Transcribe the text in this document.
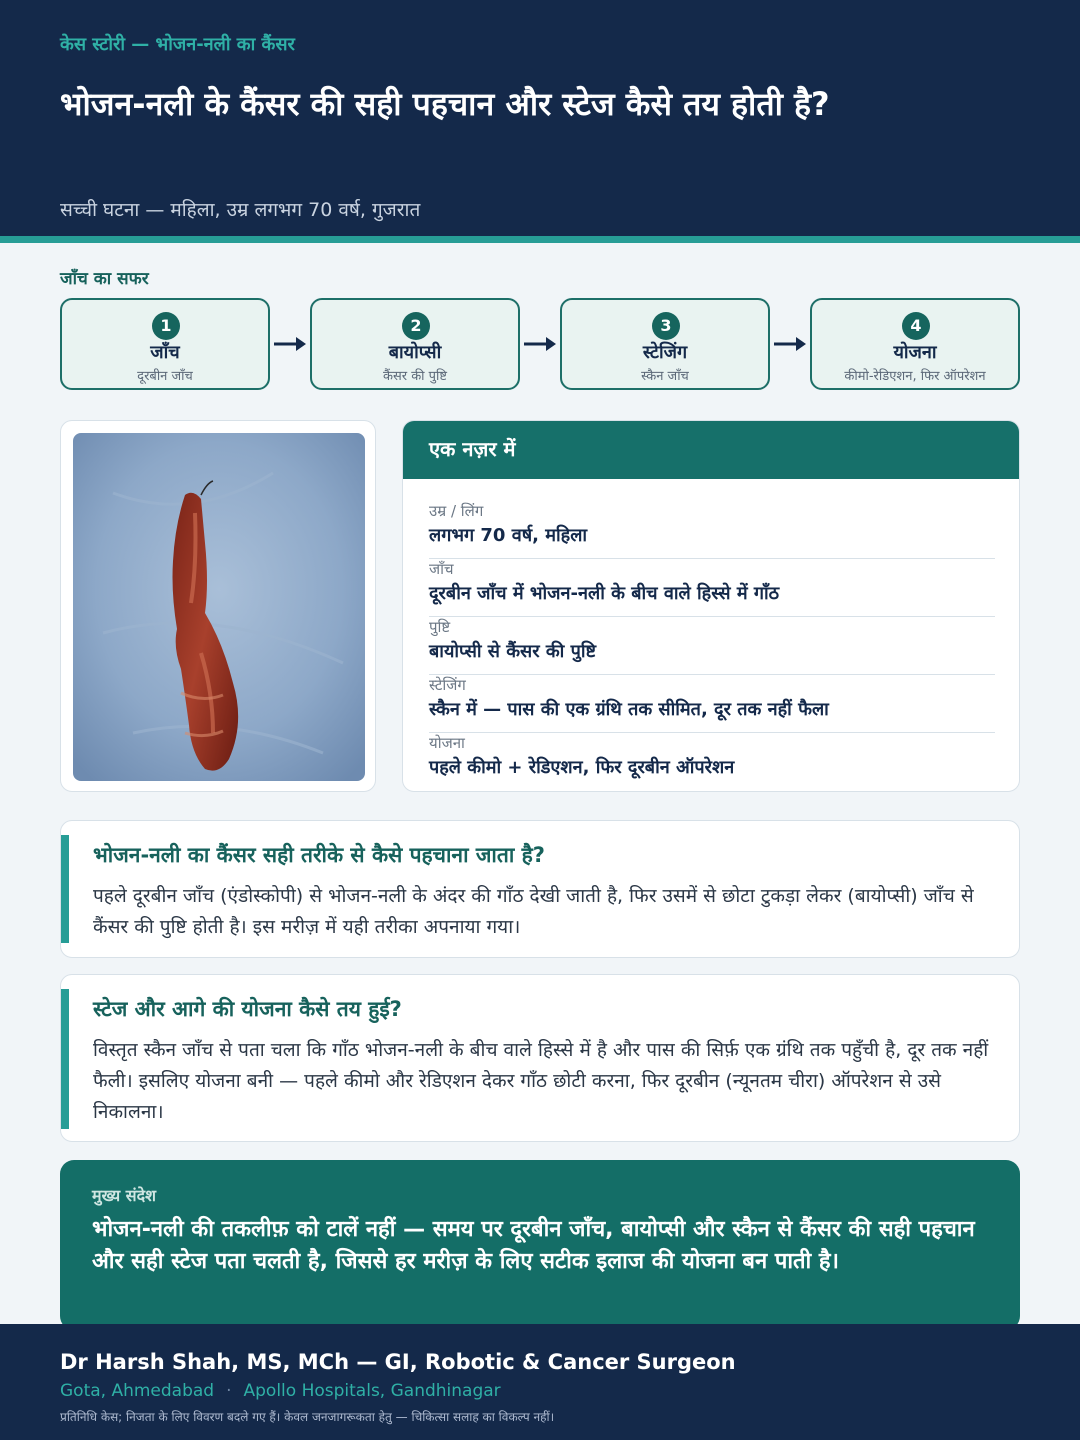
केस स्टोरी — भोजन-नली का कैंसर
भोजन-नली के कैंसर की सही पहचान और स्टेज कैसे तय होती है?
सच्ची घटना — महिला, उम्र लगभग 70 वर्ष, गुजरात
जाँच का सफर
1
जाँच
दूरबीन जाँच
2
बायोप्सी
कैंसर की पुष्टि
3
स्टेजिंग
स्कैन जाँच
4
योजना
कीमो-रेडिएशन, फिर ऑपरेशन
एक नज़र में
उम्र / लिंग
लगभग 70 वर्ष, महिला
जाँच
दूरबीन जाँच में भोजन-नली के बीच वाले हिस्से में गाँठ
पुष्टि
बायोप्सी से कैंसर की पुष्टि
स्टेजिंग
स्कैन में — पास की एक ग्रंथि तक सीमित, दूर तक नहीं फैला
योजना
पहले कीमो + रेडिएशन, फिर दूरबीन ऑपरेशन
भोजन-नली का कैंसर सही तरीके से कैसे पहचाना जाता है?
पहले दूरबीन जाँच (एंडोस्कोपी) से भोजन-नली के अंदर की गाँठ देखी जाती है, फिर उसमें से छोटा टुकड़ा लेकर (बायोप्सी) जाँच से कैंसर की पुष्टि होती है। इस मरीज़ में यही तरीका अपनाया गया।
स्टेज और आगे की योजना कैसे तय हुई?
विस्तृत स्कैन जाँच से पता चला कि गाँठ भोजन-नली के बीच वाले हिस्से में है और पास की सिर्फ़ एक ग्रंथि तक पहुँची है, दूर तक नहीं फैली। इसलिए योजना बनी — पहले कीमो और रेडिएशन देकर गाँठ छोटी करना, फिर दूरबीन (न्यूनतम चीरा) ऑपरेशन से उसे निकालना।
मुख्य संदेश
भोजन-नली की तकलीफ़ को टालें नहीं — समय पर दूरबीन जाँच, बायोप्सी और स्कैन से कैंसर की सही पहचान और सही स्टेज पता चलती है, जिससे हर मरीज़ के लिए सटीक इलाज की योजना बन पाती है।
Dr Harsh Shah, MS, MCh — GI, Robotic & Cancer Surgeon
Gota, Ahmedabad · Apollo Hospitals, Gandhinagar
प्रतिनिधि केस; निजता के लिए विवरण बदले गए हैं। केवल जनजागरूकता हेतु — चिकित्सा सलाह का विकल्प नहीं।
